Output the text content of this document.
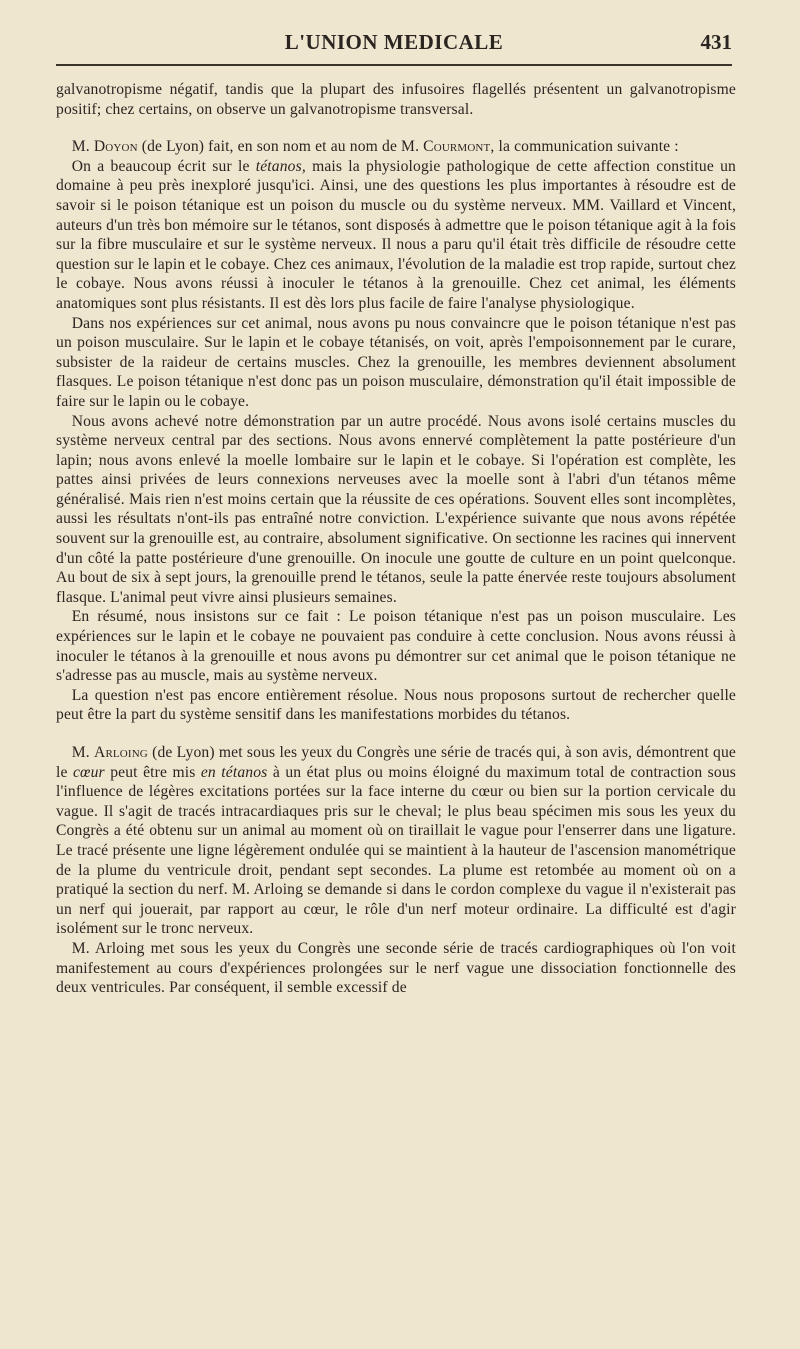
L'UNION MEDICALE	431

galvanotropisme négatif, tandis que la plupart des infusoires flagellés présentent un galvanotropisme positif; chez certains, on observe un galvanotropisme transversal.

 M. Doyon (de Lyon) fait, en son nom et au nom de M. Courmont, la communication suivante :

 On a beaucoup écrit sur le tétanos, mais la physiologie pathologique de cette affection constitue un domaine à peu près inexploré jusqu'ici. Ainsi, une des questions les plus importantes à résoudre est de savoir si le poison tétanique est un poison du muscle ou du système nerveux. MM. Vaillard et Vincent, auteurs d'un très bon mémoire sur le tétanos, sont disposés à admettre que le poison tétanique agit à la fois sur la fibre musculaire et sur le système nerveux. Il nous a paru qu'il était très difficile de résoudre cette question sur le lapin et le cobaye. Chez ces animaux, l'évolution de la maladie est trop rapide, surtout chez le cobaye. Nous avons réussi à inoculer le tétanos à la grenouille. Chez cet animal, les éléments anatomiques sont plus résistants. Il est dès lors plus facile de faire l'analyse physiologique.

 Dans nos expériences sur cet animal, nous avons pu nous convaincre que le poison tétanique n'est pas un poison musculaire. Sur le lapin et le cobaye tétanisés, on voit, après l'empoisonnement par le curare, subsister de la raideur de certains muscles. Chez la grenouille, les membres deviennent absolument flasques. Le poison tétanique n'est donc pas un poison musculaire, démonstration qu'il était impossible de faire sur le lapin ou le cobaye.

 Nous avons achevé notre démonstration par un autre procédé. Nous avons isolé certains muscles du système nerveux central par des sections. Nous avons ennervé complètement la patte postérieure d'un lapin; nous avons enlevé la moelle lombaire sur le lapin et le cobaye. Si l'opération est complète, les pattes ainsi privées de leurs connexions nerveuses avec la moelle sont à l'abri d'un tétanos même généralisé. Mais rien n'est moins certain que la réussite de ces opérations. Souvent elles sont incomplètes, aussi les résultats n'ont-ils pas entraîné notre conviction. L'expérience suivante que nous avons répétée souvent sur la grenouille est, au contraire, absolument significative. On sectionne les racines qui innervent d'un côté la patte postérieure d'une grenouille. On inocule une goutte de culture en un point quelconque. Au bout de six à sept jours, la grenouille prend le tétanos, seule la patte énervée reste toujours absolument flasque. L'animal peut vivre ainsi plusieurs semaines.

 En résumé, nous insistons sur ce fait : Le poison tétanique n'est pas un poison musculaire. Les expériences sur le lapin et le cobaye ne pouvaient pas conduire à cette conclusion. Nous avons réussi à inoculer le tétanos à la grenouille et nous avons pu démontrer sur cet animal que le poison tétanique ne s'adresse pas au muscle, mais au système nerveux.

 La question n'est pas encore entièrement résolue. Nous nous proposons surtout de rechercher quelle peut être la part du système sensitif dans les manifestations morbides du tétanos.

 M. Arloing (de Lyon) met sous les yeux du Congrès une série de tracés qui, à son avis, démontrent que le cœur peut être mis en tétanos à un état plus ou moins éloigné du maximum total de contraction sous l'influence de légères excitations portées sur la face interne du cœur ou bien sur la portion cervicale du vague. Il s'agit de tracés intracardiaques pris sur le cheval; le plus beau spécimen mis sous les yeux du Congrès a été obtenu sur un animal au moment où on tiraillait le vague pour l'enserrer dans une ligature. Le tracé présente une ligne légèrement ondulée qui se maintient à la hauteur de l'ascension manométrique de la plume du ventricule droit, pendant sept secondes. La plume est retombée au moment où on a pratiqué la section du nerf. M. Arloing se demande si dans le cordon complexe du vague il n'existerait pas un nerf qui jouerait, par rapport au cœur, le rôle d'un nerf moteur ordinaire. La difficulté est d'agir isolément sur le tronc nerveux.

 M. Arloing met sous les yeux du Congrès une seconde série de tracés cardiographiques où l'on voit manifestement au cours d'expériences prolongées sur le nerf vague une dissociation fonctionnelle des deux ventricules. Par conséquent, il semble excessif de
